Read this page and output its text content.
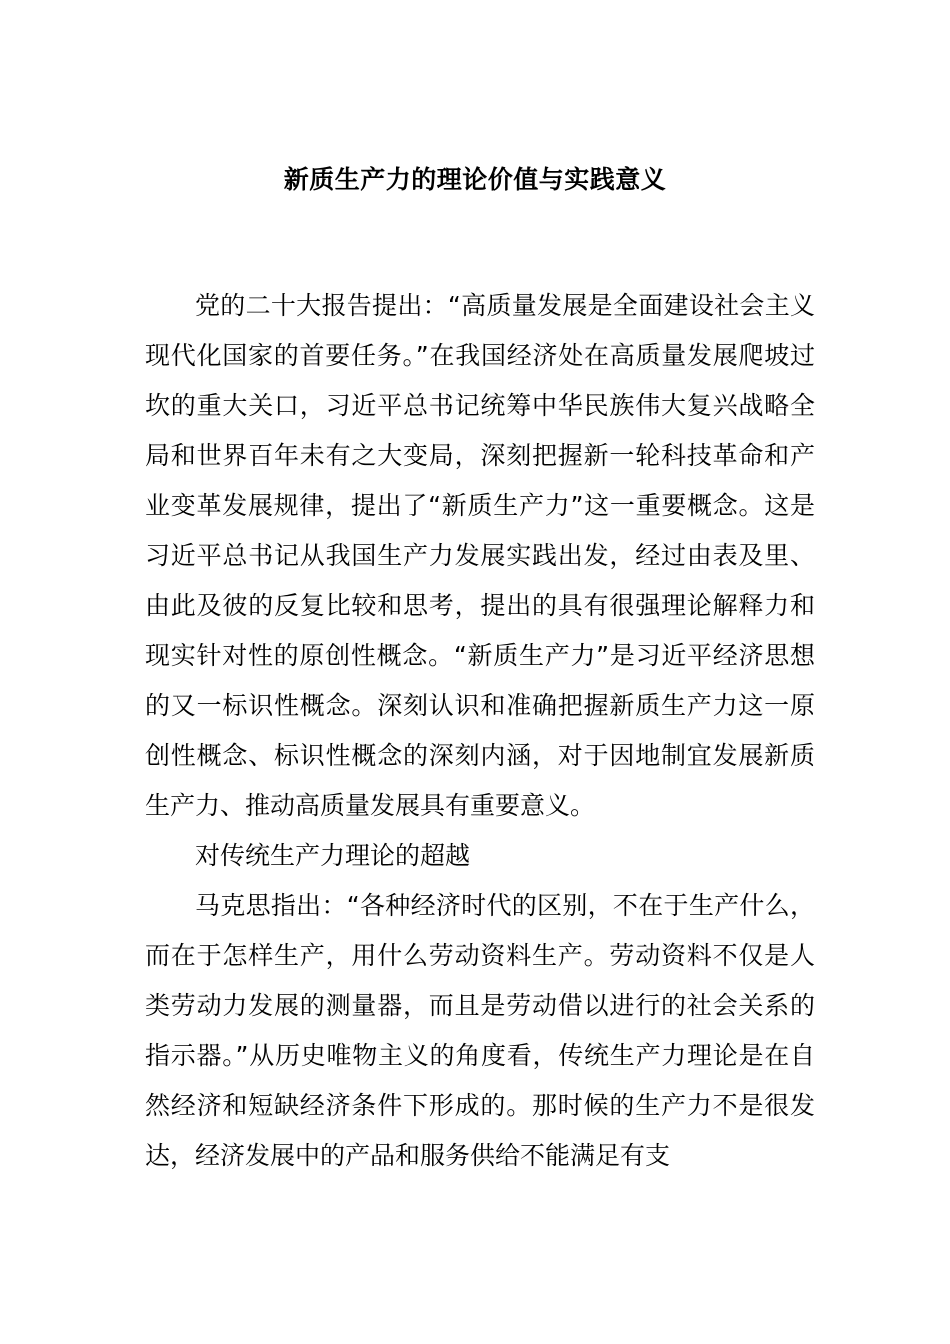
新质生产力的理论价值与实践意义

党的二十大报告提出：“高质量发展是全面建设社会主义现代化国家的首要任务。”在我国经济处在高质量发展爬坡过坎的重大关口，习近平总书记统筹中华民族伟大复兴战略全局和世界百年未有之大变局，深刻把握新一轮科技革命和产业变革发展规律，提出了“新质生产力”这一重要概念。这是习近平总书记从我国生产力发展实践出发，经过由表及里、由此及彼的反复比较和思考，提出的具有很强理论解释力和现实针对性的原创性概念。“新质生产力”是习近平经济思想的又一标识性概念。深刻认识和准确把握新质生产力这一原创性概念、标识性概念的深刻内涵，对于因地制宜发展新质生产力、推动高质量发展具有重要意义。

对传统生产力理论的超越

马克思指出：“各种经济时代的区别，不在于生产什么，而在于怎样生产，用什么劳动资料生产。劳动资料不仅是人类劳动力发展的测量器，而且是劳动借以进行的社会关系的指示器。”从历史唯物主义的角度看，传统生产力理论是在自然经济和短缺经济条件下形成的。那时候的生产力不是很发达，经济发展中的产品和服务供给不能满足有支
